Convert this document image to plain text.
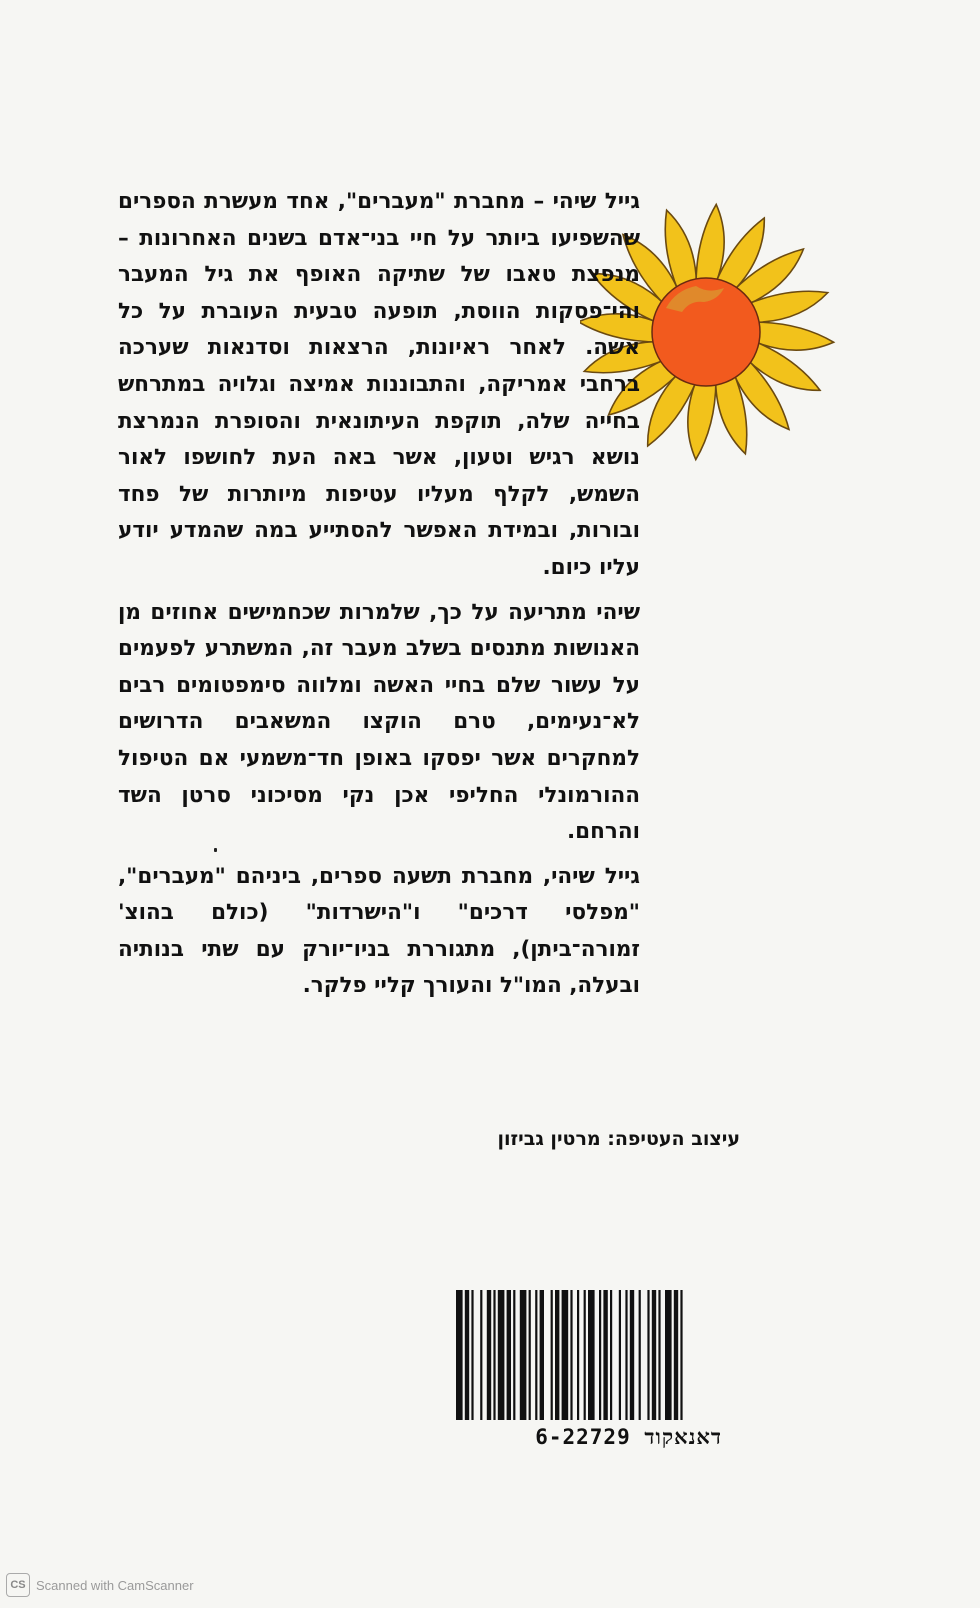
גייל שיהי – מחברת "מעברים", אחד מעשרת הספרים שהשפיעו ביותר על חיי בני־אדם בשנים האחרונות – מנפצת טאבו של שתיקה האופף את גיל המעבר והי־פסקות הווסת, תופעה טבעית העוברת על כל אשה. לאחר ראיונות, הרצאות וסדנאות שערכה ברחבי אמריקה, והתבוננות אמיצה וגלויה במתרחש בחייה שלה, תוקפת העיתונאית והסופרת הנמרצת נושא רגיש וטעון, אשר באה העת לחושפו לאור השמש, לקלף מעליו עטיפות מיותרות של פחד ובורות, ובמידת האפשר להסתייע במה שהמדע יודע עליו כיום.

שיהי מתריעה על כך, שלמרות שכחמישים אחוזים מן האנושות מתנסים בשלב מעבר זה, המשתרע לפעמים על עשור שלם בחיי האשה ומלווה סימפטומים רבים לא־נעימים, טרם הוקצו המשאבים הדרושים למחקרים אשר יפסקו באופן חד־משמעי אם הטיפול ההורמונלי החליפי אכן נקי מסיכוני סרטן השד והרחם.

גייל שיהי, מחברת תשעה ספרים, ביניהם "מעברים", "מפלסי דרכים" ו"הישרדות" (כולם בהוצ' זמורה־ביתן), מתגוררת בניו־יורק עם שתי בנותיה ובעלה, המו"ל והעורך קליי פלקר.

עיצוב העטיפה: מרטין גביזון
דאנאקוד 6-22729
CS Scanned with CamScanner
